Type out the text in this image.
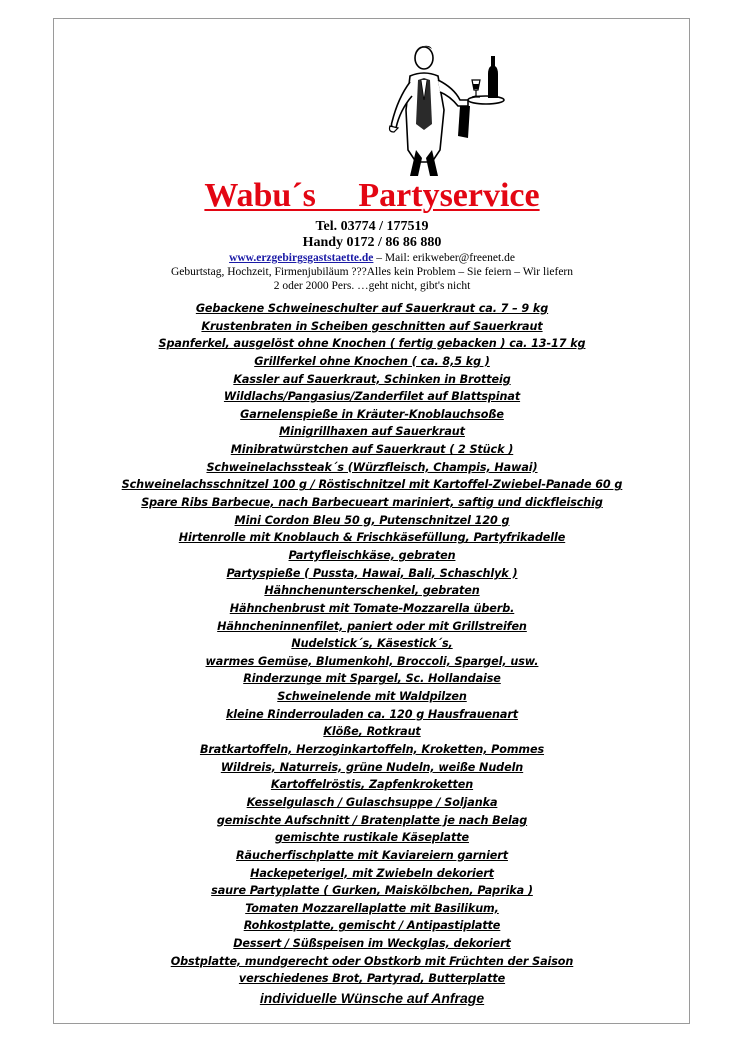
Wabu´s     Partyservice
Tel. 03774 / 177519
Handy 0172 / 86 86 880
www.erzgebirgsgaststaette.de – Mail: erikweber@freenet.de
Geburtstag, Hochzeit, Firmenjubiläum ???Alles kein Problem – Sie feiern – Wir liefern
2 oder 2000 Pers. …geht nicht, gibt's nicht
Gebackene Schweineschulter auf Sauerkraut ca. 7 – 9 kg
Krustenbraten in Scheiben geschnitten auf Sauerkraut
Spanferkel, ausgelöst ohne Knochen ( fertig gebacken ) ca. 13-17 kg
Grillferkel ohne Knochen ( ca. 8,5 kg )
Kassler auf Sauerkraut, Schinken in Brotteig
Wildlachs/Pangasius/Zanderfilet auf Blattspinat
Garnelenspieße in Kräuter-Knoblauchsoße
Minigrillhaxen auf Sauerkraut
Minibratwürstchen auf Sauerkraut ( 2 Stück )
Schweinelachssteak´s (Würzfleisch, Champis, Hawai)
Schweinelachsschnitzel 100 g / Röstischnitzel mit Kartoffel-Zwiebel-Panade 60 g
Spare Ribs Barbecue, nach Barbecueart mariniert, saftig und dickfleischig
Mini Cordon Bleu 50 g, Putenschnitzel 120 g
Hirtenrolle mit Knoblauch & Frischkäsefüllung, Partyfrikadelle
Partyfleischkäse, gebraten
Partyspieße ( Pussta, Hawai, Bali, Schaschlyk )
Hähnchenunterschenkel, gebraten
Hähnchenbrust mit Tomate-Mozzarella überb.
Hähncheninnenfilet, paniert oder mit Grillstreifen
Nudelstick´s, Käsestick´s,
warmes Gemüse, Blumenkohl, Broccoli, Spargel, usw.
Rinderzunge mit Spargel, Sc. Hollandaise
Schweinelende mit Waldpilzen
kleine Rinderrouladen ca. 120 g Hausfrauenart
Klöße, Rotkraut
Bratkartoffeln, Herzoginkartoffeln, Kroketten, Pommes
Wildreis, Naturreis, grüne Nudeln, weiße Nudeln
Kartoffelröstis, Zapfenkroketten
Kesselgulasch / Gulaschsuppe / Soljanka
gemischte Aufschnitt / Bratenplatte je nach Belag
gemischte rustikale Käseplatte
Räucherfischplatte mit Kaviareiern garniert
Hackepeterigel, mit Zwiebeln dekoriert
saure Partyplatte ( Gurken, Maiskölbchen, Paprika )
Tomaten Mozzarellaplatte mit Basilikum,
Rohkostplatte, gemischt / Antipastiplatte
Dessert / Süßspeisen im Weckglas, dekoriert
Obstplatte, mundgerecht oder Obstkorb mit Früchten der Saison
verschiedenes Brot, Partyrad, Butterplatte
individuelle Wünsche auf Anfrage
